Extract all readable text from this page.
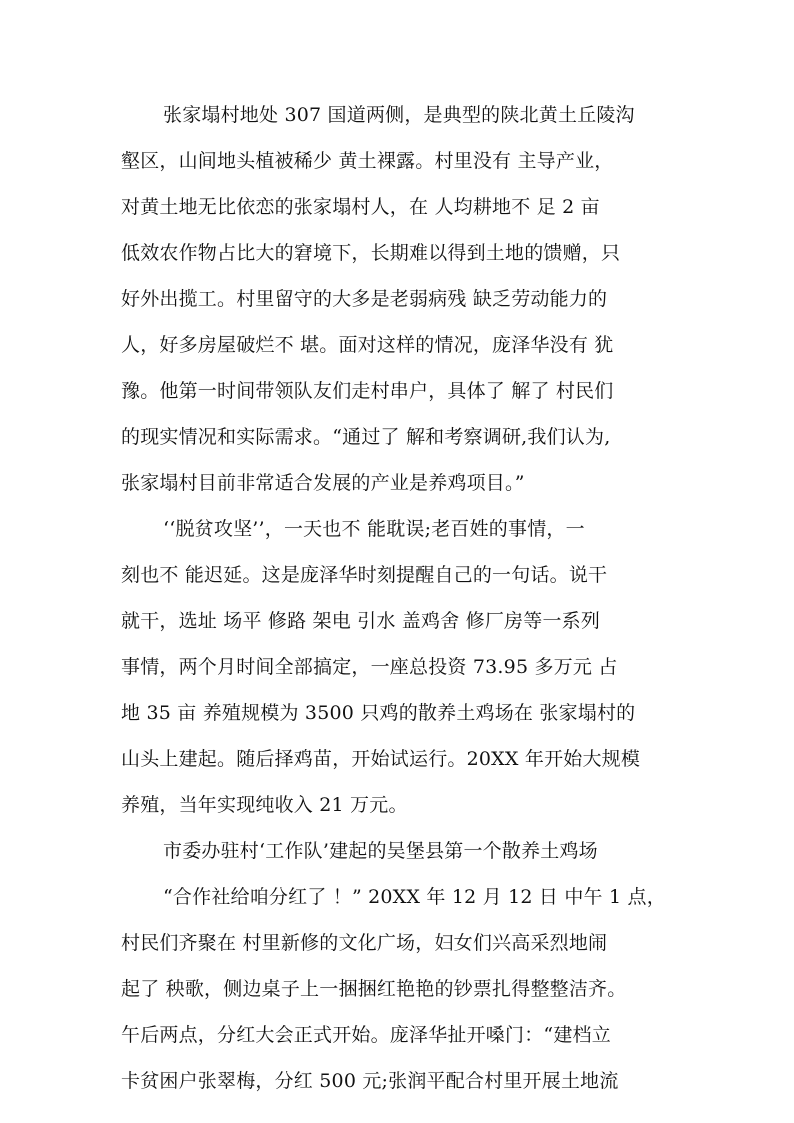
张家塌村地处 307 国道两侧，是典型的陕北黄土丘陵沟
壑区，山间地头植被稀少 黄土裸露。村里没有 主导产业，
对黄土地无比依恋的张家塌村人，在 人均耕地不 足 2 亩
低效农作物占比大的窘境下，长期难以得到土地的馈赠，只
好外出揽工。村里留守的大多是老弱病残 缺乏劳动能力的
人，好多房屋破烂不 堪。面对这样的情况，庞泽华没有 犹
豫。他第一时间带领队友们走村串户，具体了 解了 村民们
的现实情况和实际需求。“通过了 解和考察调研,我们认为,
张家塌村目前非常适合发展的产业是养鸡项目。”
‘‘脱贫攻坚’’，一天也不 能耽误;老百姓的事情，一
刻也不 能迟延。这是庞泽华时刻提醒自己的一句话。说干
就干，选址 场平 修路 架电 引水 盖鸡舍 修厂房等一系列
事情，两个月时间全部搞定，一座总投资 73.95 多万元 占
地 35 亩 养殖规模为 3500 只鸡的散养土鸡场在 张家塌村的
山头上建起。随后择鸡苗，开始试运行。20XX 年开始大规模
养殖，当年实现纯收入 21 万元。
市委办驻村‘工作队’建起的吴堡县第一个散养土鸡场
“合作社给咱分红了 ！” 20XX 年 12 月 12 日 中午 1 点，
村民们齐聚在 村里新修的文化广场，妇女们兴高采烈地闹
起了 秧歌，侧边桌子上一捆捆红艳艳的钞票扎得整整洁齐。
午后两点，分红大会正式开始。庞泽华扯开嗓门：“建档立
卡贫困户张翠梅，分红 500 元;张润平配合村里开展土地流
